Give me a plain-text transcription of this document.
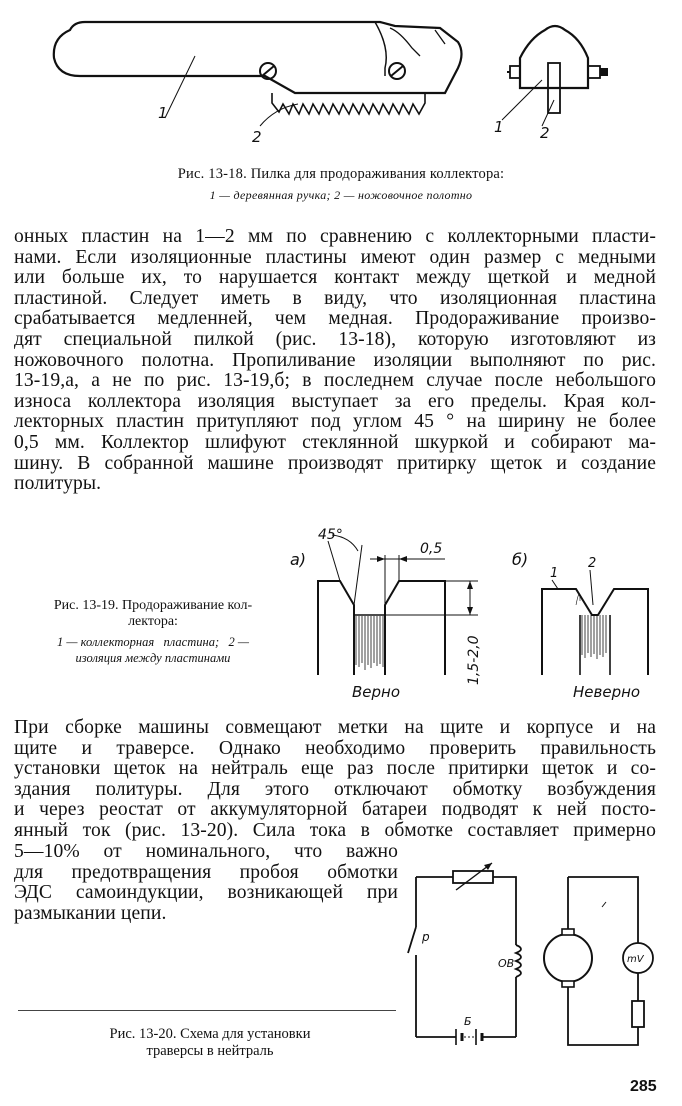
1
2
1 2
Рис. 13-18. Пилка для продораживания коллектора:
1 — деревянная ручка; 2 — ножовочное полотно
онных пластин на 1—2 мм по сравнению с коллекторными пласти-
нами. Если изоляционные пластины имеют один размер с медными
или больше их, то нарушается контакт между щеткой и медной
пластиной. Следует иметь в виду, что изоляционная пластина
срабатывается медленней, чем медная. Продораживание произво-
дят специальной пилкой (рис. 13-18), которую изготовляют из
ножовочного полотна. Пропиливание изоляции выполняют по рис.
13-19,а, а не по рис. 13-19,б; в последнем случае после небольшого
износа коллектора изоляция выступает за его пределы. Края кол-
лекторных пластин притупляют под углом 45 ° на ширину не более
0,5 мм. Коллектор шлифуют стеклянной шкуркой и собирают ма-
шину. В собранной машине производят притирку щеток и создание
политуры.
Рис. 13-19. Продораживание кол-
лектора:
1 — коллекторная   пластина;   2 —
изоляция между пластинами
а)
45°
0,5
1,5-2,0
Верно
б)
1
2
Неверно
При сборке машины совмещают метки на щите и корпусе и на
щите и траверсе. Однако необходимо проверить правильность
установки щеток на нейтраль еще раз после притирки щеток и со-
здания политуры. Для этого отключают обмотку возбуждения
и через реостат от аккумуляторной батареи подводят к ней посто-
янный ток (рис. 13-20). Сила тока в обмотке составляет примерно
5—10% от номинального, что важно
для предотвращения пробоя обмотки
ЭДС самоиндукции, возникающей при
размыкании цепи.
р
ОВ
Б
mV
Рис. 13-20. Схема для установки
траверсы в нейтраль
285
